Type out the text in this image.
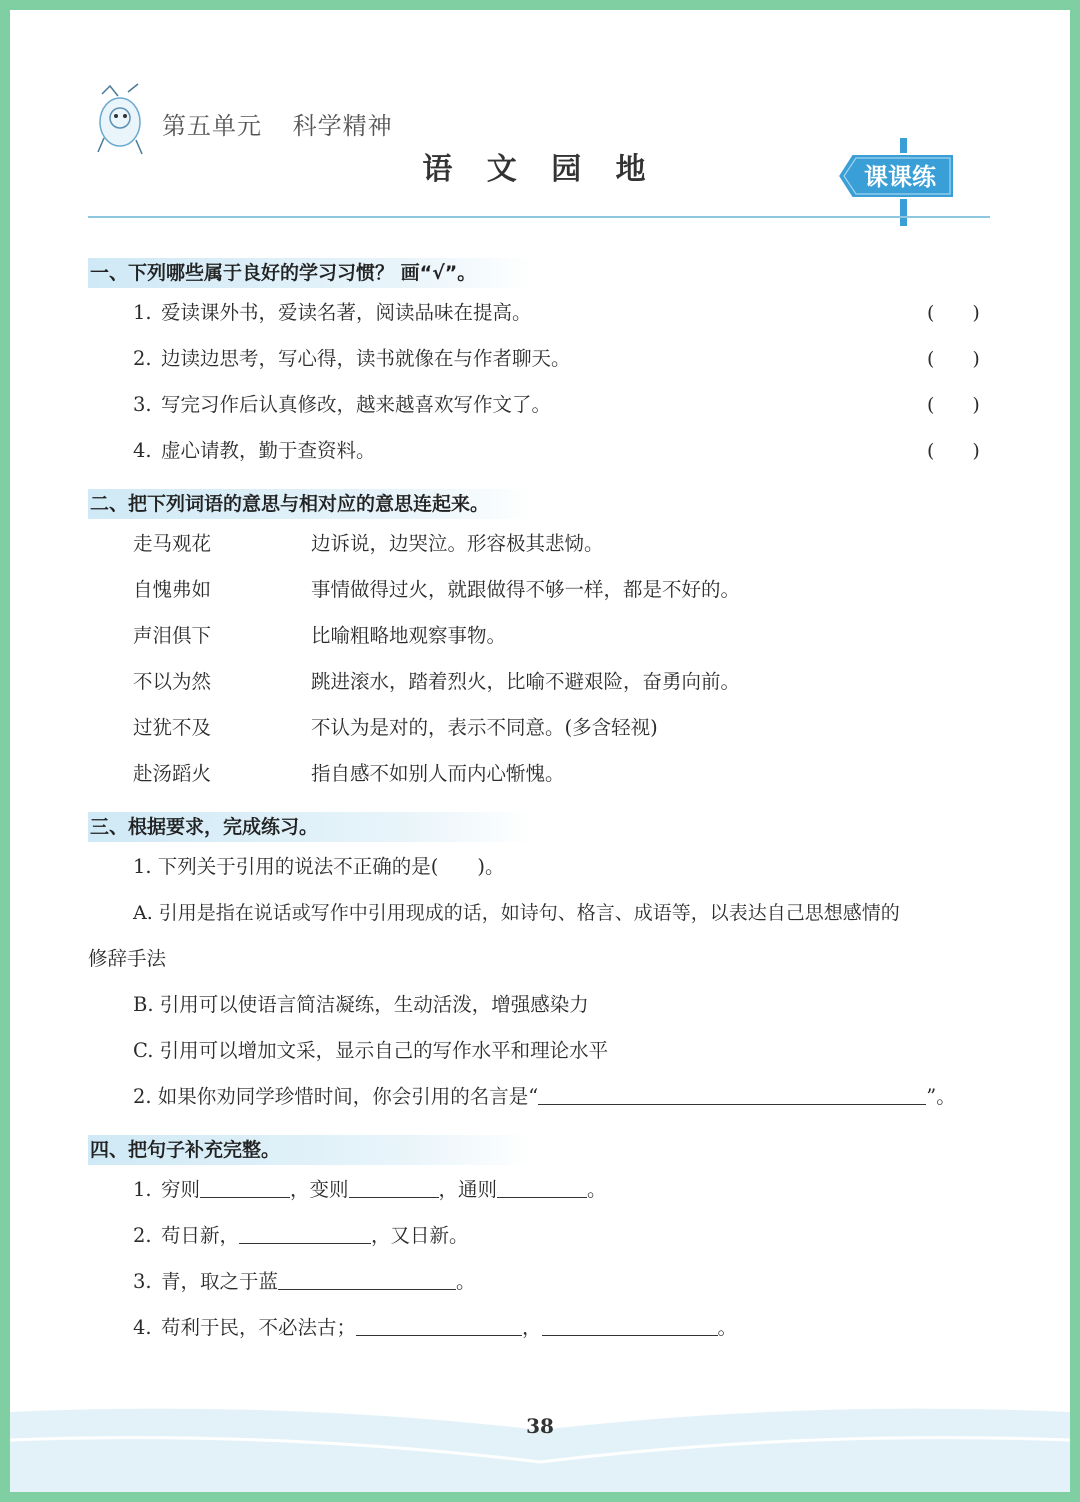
第五单元 科学精神
语 文 园 地	课课练
一、下列哪些属于良好的学习习惯？ 画“√”。
1. 爱读课外书，爱读名著，阅读品味在提高。	(　　)
2. 边读边思考，写心得，读书就像在与作者聊天。	(　　)
3. 写完习作后认真修改，越来越喜欢写作文了。	(　　)
4. 虚心请教，勤于查资料。	(　　)
二、把下列词语的意思与相对应的意思连起来。
走马观花	边诉说，边哭泣。形容极其悲恸。
自愧弗如	事情做得过火，就跟做得不够一样，都是不好的。
声泪俱下	比喻粗略地观察事物。
不以为然	跳进滚水，踏着烈火，比喻不避艰险，奋勇向前。
过犹不及	不认为是对的，表示不同意。(多含轻视)
赴汤蹈火	指自感不如别人而内心惭愧。
三、根据要求，完成练习。
1. 下列关于引用的说法不正确的是(　　)。
A. 引用是指在说话或写作中引用现成的话，如诗句、格言、成语等，以表达自己思想感情的
修辞手法
B. 引用可以使语言简洁凝练，生动活泼，增强感染力
C. 引用可以增加文采，显示自己的写作水平和理论水平
2. 如果你劝同学珍惜时间，你会引用的名言是“	”。
四、把句子补充完整。
1. 穷则	，变则	，通则	。
2. 苟日新，	，又日新。
3. 青，取之于蓝	。
4. 苟利于民，不必法古；	，	。
38
